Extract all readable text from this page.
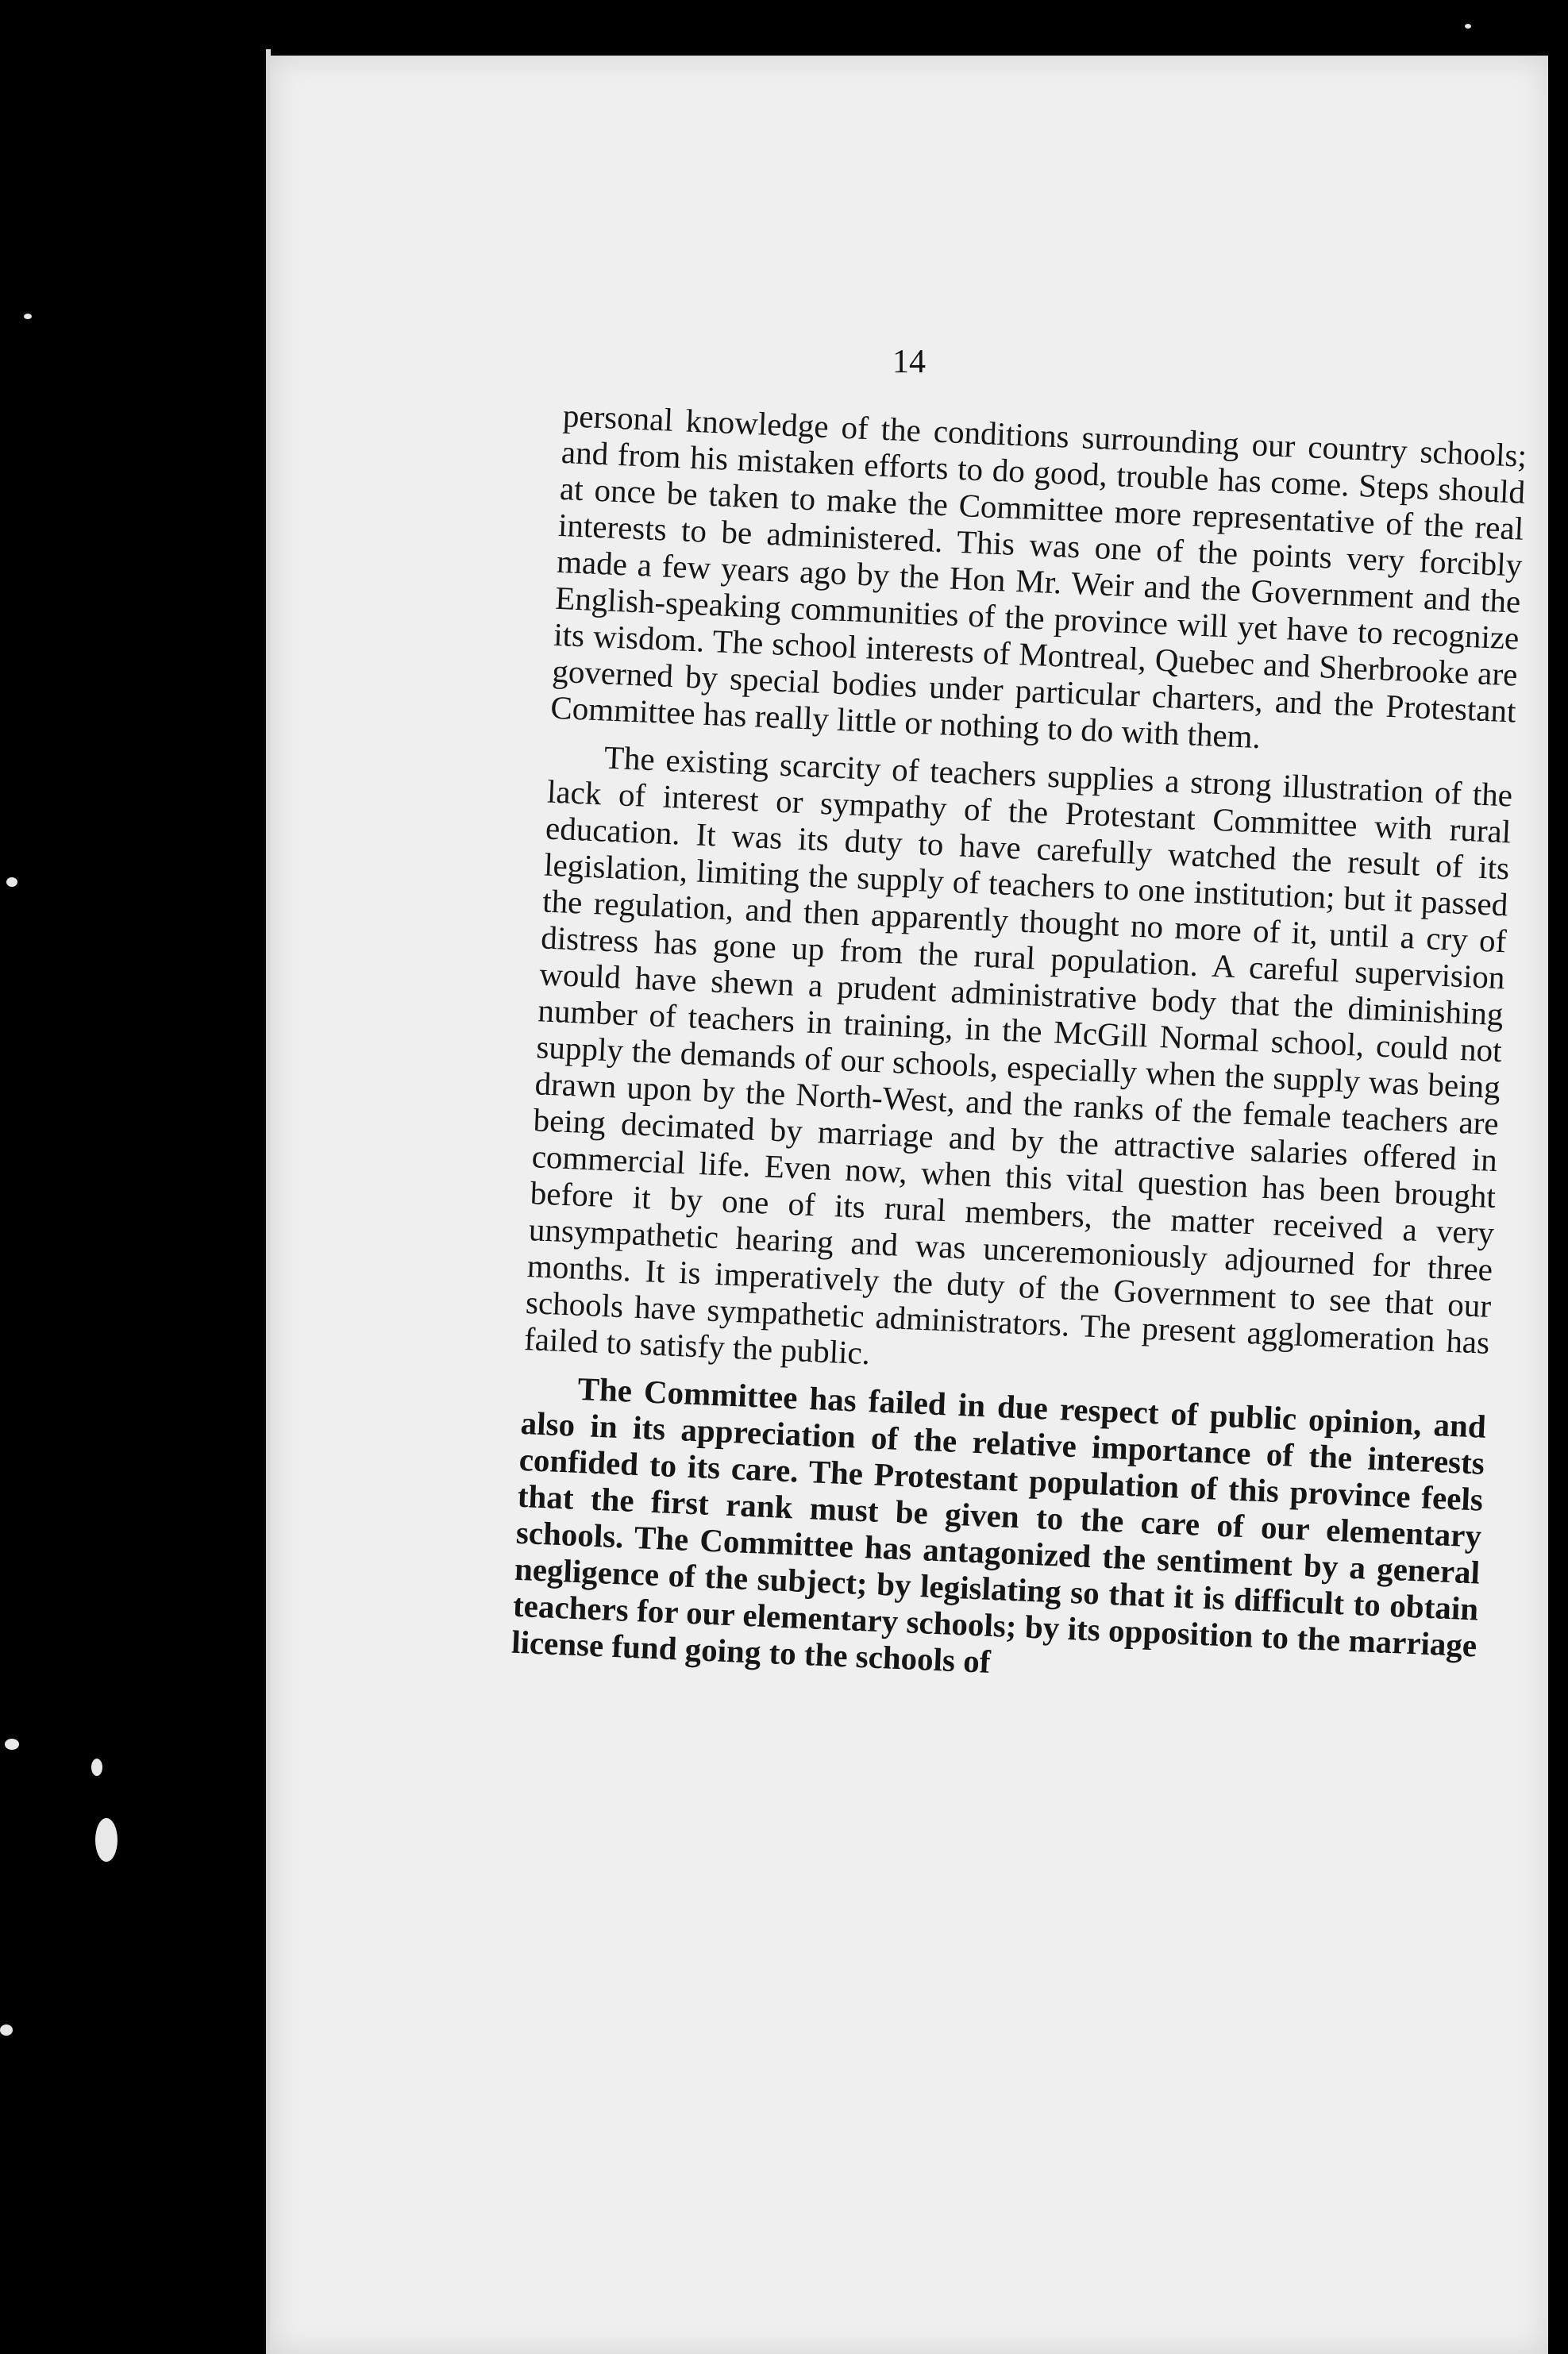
14

personal knowledge of the conditions surrounding our country schools; and from his mistaken efforts to do good, trouble has come. Steps should at once be taken to make the Committee more representative of the real interests to be administered. This was one of the points very forcibly made a few years ago by the Hon Mr. Weir and the Government and the English-speaking communities of the province will yet have to recognize its wisdom. The school interests of Montreal, Quebec and Sherbrooke are governed by special bodies under particular charters, and the Protestant Committee has really little or nothing to do with them.

The existing scarcity of teachers supplies a strong illustration of the lack of interest or sympathy of the Protestant Committee with rural education. It was its duty to have carefully watched the result of its legislation, limiting the supply of teachers to one institution; but it passed the regulation, and then apparently thought no more of it, until a cry of distress has gone up from the rural population. A careful supervision would have shewn a prudent administrative body that the diminishing number of teachers in training, in the McGill Normal school, could not supply the demands of our schools, especially when the supply was being drawn upon by the North-West, and the ranks of the female teachers are being decimated by marriage and by the attractive salaries offered in commercial life. Even now, when this vital question has been brought before it by one of its rural members, the matter received a very unsympathetic hearing and was unceremoniously adjourned for three months. It is imperatively the duty of the Government to see that our schools have sympathetic administrators. The present agglomeration has failed to satisfy the public.

The Committee has failed in due respect of public opinion, and also in its appreciation of the relative importance of the interests confided to its care. The Protestant population of this province feels that the first rank must be given to the care of our elementary schools. The Committee has antagonized the sentiment by a general negligence of the subject; by legislating so that it is difficult to obtain teachers for our elementary schools; by its opposition to the marriage license fund going to the schools of
